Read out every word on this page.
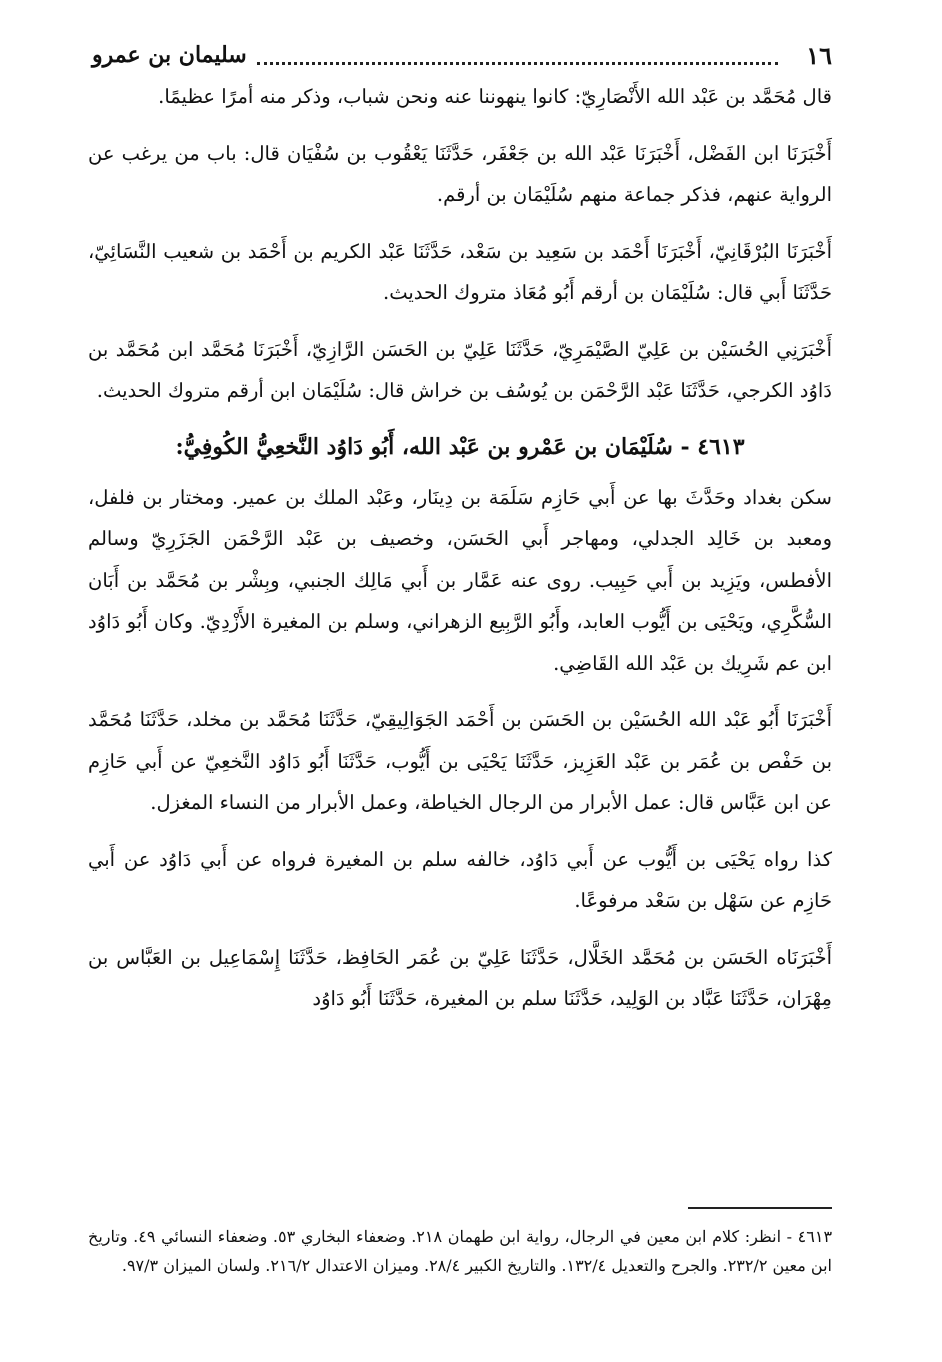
١٦
سليمان بن عمرو

قال مُحَمَّد بن عَبْد الله الأَنْصَارِيّ: كانوا ينهوننا عنه ونحن شباب، وذكر منه أمرًا عظيمًا.

أَخْبَرَنَا ابن الفَضْل، أَخْبَرَنَا عَبْد الله بن جَعْفَر، حَدَّثَنَا يَعْقُوب بن سُفْيَان قال: باب من يرغب عن الرواية عنهم، فذكر جماعة منهم سُلَيْمَان بن أرقم.

أَخْبَرَنَا البُرْقَانِيّ، أَخْبَرَنَا أَحْمَد بن سَعِيد بن سَعْد، حَدَّثَنَا عَبْد الكريم بن أَحْمَد بن شعيب النَّسَائِيّ، حَدَّثَنَا أَبي قال: سُلَيْمَان بن أرقم أَبُو مُعَاذ متروك الحديث.

أَخْبَرَنِي الحُسَيْن بن عَلِيّ الصَّيْمَرِيّ، حَدَّثَنَا عَلِيّ بن الحَسَن الرَّازِيّ، أَخْبَرَنَا مُحَمَّد ابن مُحَمَّد بن دَاوُد الكرجي، حَدَّثَنَا عَبْد الرَّحْمَن بن يُوسُف بن خراش قال: سُلَيْمَان ابن أرقم متروك الحديث.

٤٦١٣ - سُلَيْمَان بن عَمْرو بن عَبْد الله، أَبُو دَاوُد النَّخعِيُّ الكُوفِيُّ:

سكن بغداد وحَدَّثَ بها عن أَبي حَازِم سَلَمَة بن دِينَار، وعَبْد الملك بن عمير. ومختار بن فلفل، ومعبد بن خَالِد الجدلي، ومهاجر أَبي الحَسَن، وخصيف بن عَبْد الرَّحْمَن الجَزَرِيّ وسالم الأفطس، ويَزِيد بن أَبي حَبِيب. روى عنه عَمَّار بن أَبي مَالِك الجنبي، وبِشْر بن مُحَمَّد بن أَبَان السُّكَّرِي، ويَحْيَى بن أَيُّوب العابد، وأَبُو الرَّبِيع الزهراني، وسلم بن المغيرة الأَزْدِيّ. وكان أَبُو دَاوُد ابن عم شَرِيك بن عَبْد الله القَاضِي.

أَخْبَرَنَا أَبُو عَبْد الله الحُسَيْن بن الحَسَن بن أَحْمَد الجَوَالِيقِيّ، حَدَّثَنَا مُحَمَّد بن مخلد، حَدَّثَنَا مُحَمَّد بن حَفْص بن عُمَر بن عَبْد العَزِيز، حَدَّثَنَا يَحْيَى بن أَيُّوب، حَدَّثَنَا أَبُو دَاوُد النَّخعِيّ عن أَبي حَازِم عن ابن عَبَّاس قال: عمل الأبرار من الرجال الخياطة، وعمل الأبرار من النساء المغزل.

كذا رواه يَحْيَى بن أَيُّوب عن أَبي دَاوُد، خالفه سلم بن المغيرة فرواه عن أَبي دَاوُد عن أَبي حَازِم عن سَهْل بن سَعْد مرفوعًا.

أَخْبَرَنَاه الحَسَن بن مُحَمَّد الخَلَّال، حَدَّثَنَا عَلِيّ بن عُمَر الحَافِظ، حَدَّثَنَا إِسْمَاعِيل بن العَبَّاس بن مِهْرَان، حَدَّثَنَا عَبَّاد بن الوَلِيد، حَدَّثَنَا سلم بن المغيرة، حَدَّثَنَا أَبُو دَاوُد

٤٦١٣ - انظر: كلام ابن معين في الرجال، رواية ابن طهمان ٢١٨. وضعفاء البخاري ٥٣. وضعفاء النسائي ٤٩. وتاريخ ابن معين ٢٣٢/٢. والجرح والتعديل ١٣٢/٤. والتاريخ الكبير ٢٨/٤. وميزان الاعتدال ٢١٦/٢. ولسان الميزان ٩٧/٣.
